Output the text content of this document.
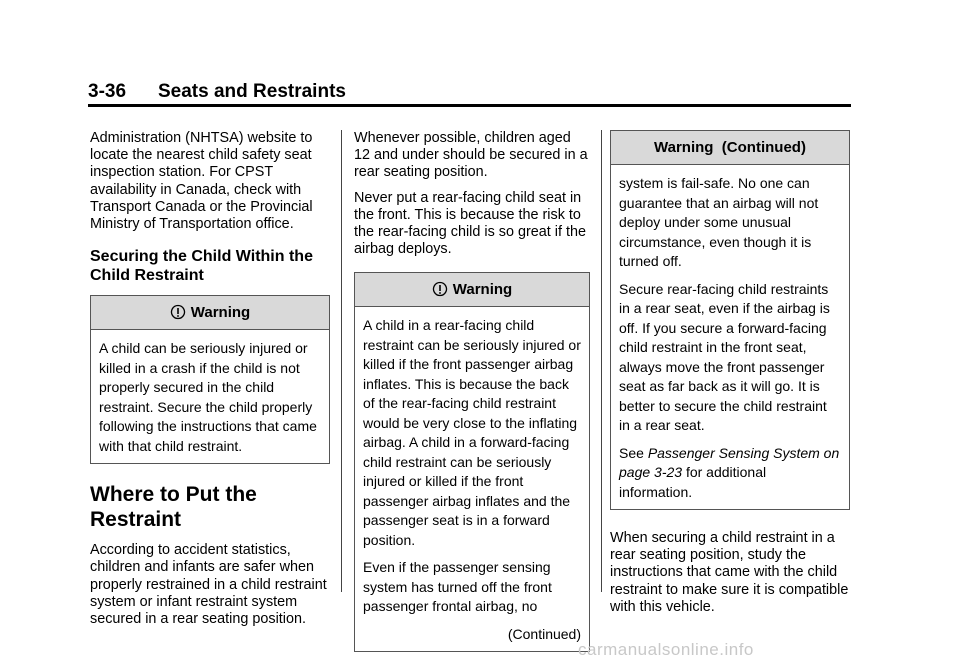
3-36 Seats and Restraints

Administration (NHTSA) website to locate the nearest child safety seat inspection station. For CPST availability in Canada, check with Transport Canada or the Provincial Ministry of Transportation office.

Securing the Child Within the Child Restraint
Warning

A child can be seriously injured or killed in a crash if the child is not properly secured in the child restraint. Secure the child properly following the instructions that came with that child restraint.

Where to Put the Restraint

According to accident statistics, children and infants are safer when properly restrained in a child restraint system or infant restraint system secured in a rear seating position.

Whenever possible, children aged 12 and under should be secured in a rear seating position.

Never put a rear-facing child seat in the front. This is because the risk to the rear-facing child is so great if the airbag deploys.

Warning

A child in a rear-facing child restraint can be seriously injured or killed if the front passenger airbag inflates. This is because the back of the rear-facing child restraint would be very close to the inflating airbag. A child in a forward-facing child restraint can be seriously injured or killed if the front passenger airbag inflates and the passenger seat is in a forward position.

Even if the passenger sensing system has turned off the front passenger frontal airbag, no

(Continued)
Warning  (Continued)

system is fail-safe. No one can guarantee that an airbag will not deploy under some unusual circumstance, even though it is turned off.

Secure rear-facing child restraints in a rear seat, even if the airbag is off. If you secure a forward-facing child restraint in the front seat, always move the front passenger seat as far back as it will go. It is better to secure the child restraint in a rear seat.

See Passenger Sensing System on page 3-23 for additional information.

When securing a child restraint in a rear seating position, study the instructions that came with the child restraint to make sure it is compatible with this vehicle.

carmanualsonline.info
